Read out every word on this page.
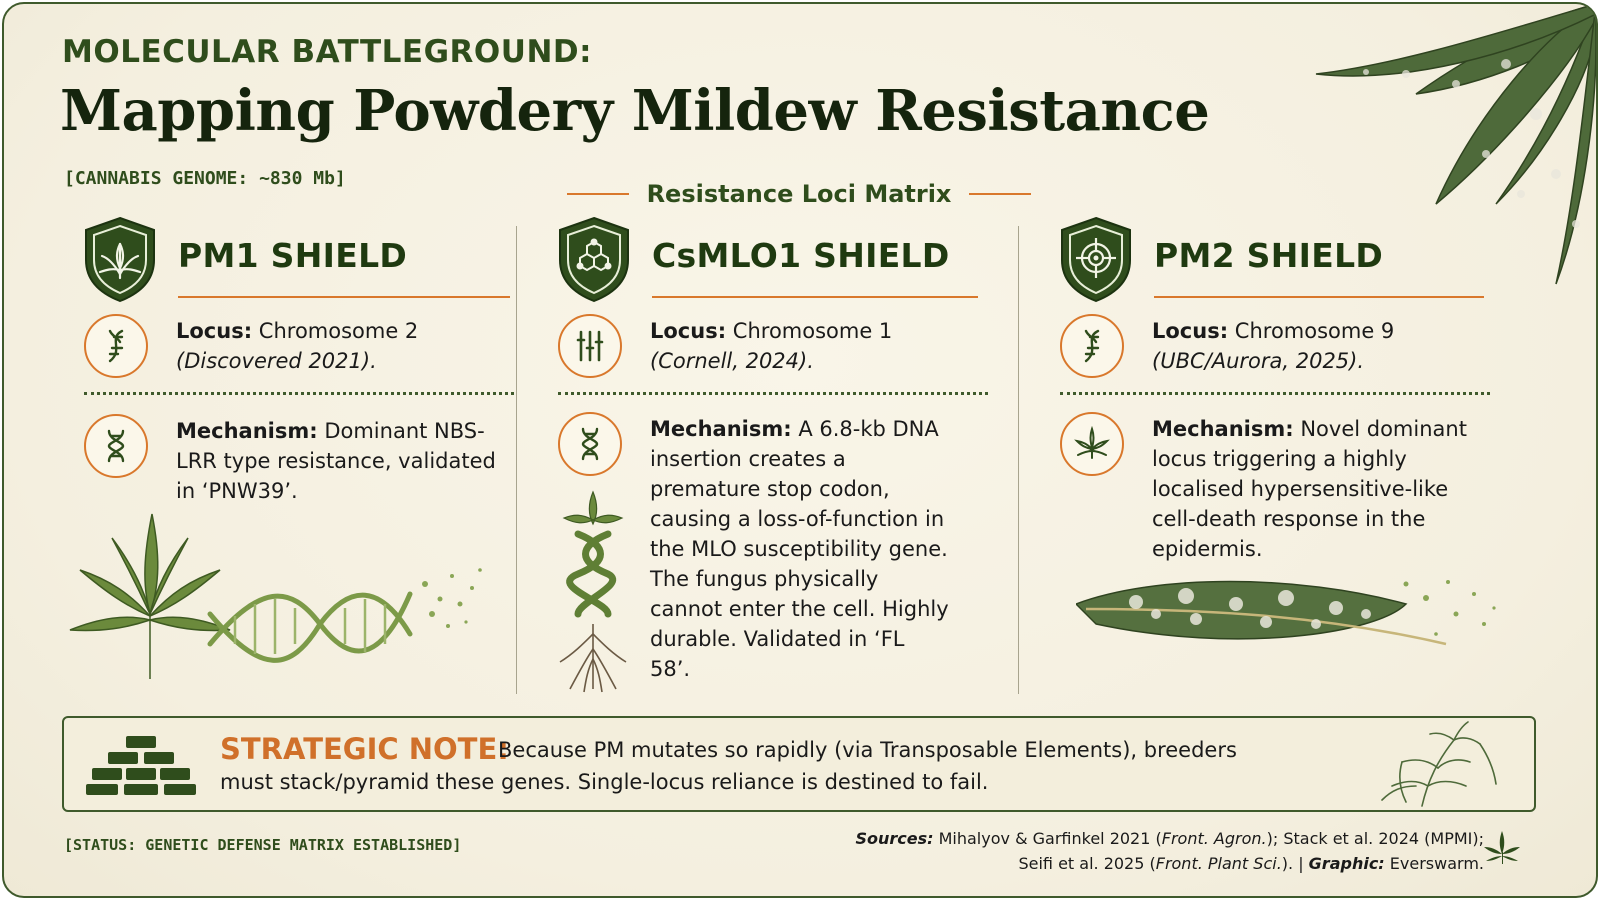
MOLECULAR BATTLEGROUND:
Mapping Powdery Mildew Resistance
[CANNABIS GENOME: ~830 Mb]
Resistance Loci Matrix
PM1 SHIELD
Locus: Chromosome 2
(Discovered 2021).
Mechanism: Dominant NBS-LRR type resistance, validated in ‘PNW39’.
CsMLO1 SHIELD
Locus: Chromosome 1
(Cornell, 2024).
Mechanism: A 6.8-kb DNA insertion creates a premature stop codon, causing a loss-of-function in the MLO susceptibility gene. The fungus physically cannot enter the cell. Highly durable. Validated in ‘FL 58’.
PM2 SHIELD
Locus: Chromosome 9
(UBC/Aurora, 2025).
Mechanism: Novel dominant locus triggering a highly localised hypersensitive-like cell-death response in the epidermis.
STRATEGIC NOTE:
Because PM mutates so rapidly (via Transposable Elements), breeders
must stack/pyramid these genes. Single-locus reliance is destined to fail.
[STATUS: GENETIC DEFENSE MATRIX ESTABLISHED]	Sources: Mihalyov & Garfinkel 2021 (Front. Agron.); Stack et al. 2024 (MPMI);
Seifi et al. 2025 (Front. Plant Sci.). | Graphic: Everswarm.
